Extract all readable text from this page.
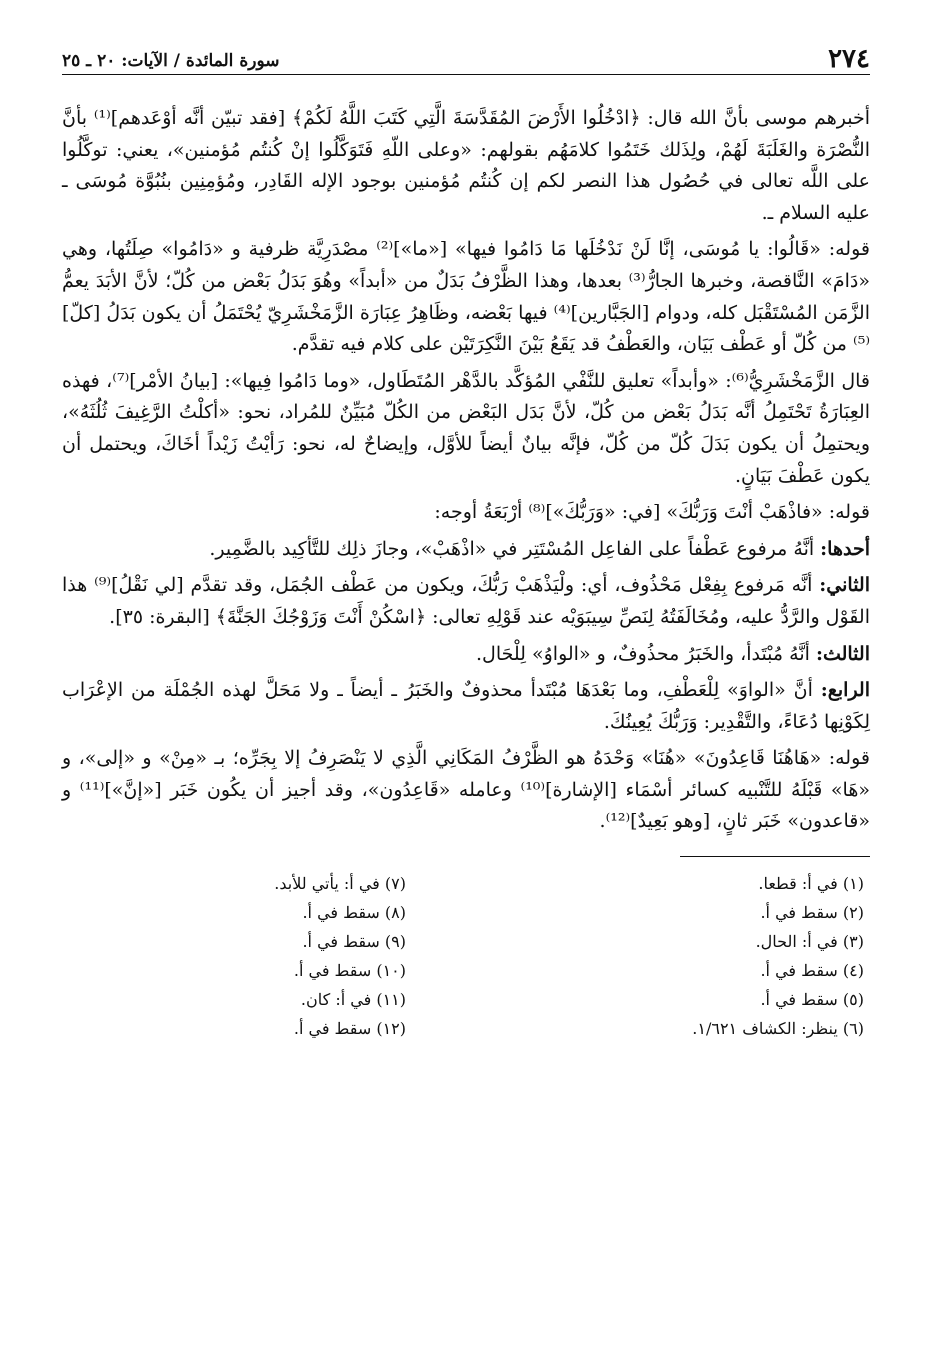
٢٧٤
سورة المائدة / الآيات: ٢٠ ـ ٢٥

أخبرهم موسى بأنَّ الله قال: ﴿ادْخُلُوا الأَرْضَ المُقَدَّسَةَ الَّتِي كَتَبَ اللَّهُ لَكُمْ﴾ [فقد تبيّن أنَّه أوْعَدهم]⁽¹⁾ بأنَّ النُّصْرَة والغَلَبَةَ لَهُمْ، ولِذَلك خَتَمُوا كلامَهُم بقولهم: «وعلى اللّهِ فَتَوَكَّلُوا إنْ كُنتُم مُؤمنين»، يعني: توكَّلُوا على اللَّه تعالى في حُصُول هذا النصر لكم إن كُنتُم مُؤمنين بوجود الإله القَادِر، ومُؤمِنِين بنُبُوَّة مُوسَى ـ عليه السلام ـ.

قوله: «قَالُوا: يا مُوسَى، إنَّا لَنْ نَدْخُلَها مَا دَامُوا فيها» [«ما»]⁽²⁾ مصْدَرِيَّة ظرفية و «دَامُوا» صِلَتُها، وهي «دَامَ» النَّاقصة، وخبرها الجارُّ⁽³⁾ بعدها، وهذا الظَّرْفُ بَدَلٌ من «أبداً» وهُوَ بَدَلُ بَعْض من كُلّ؛ لأنَّ الأبَدَ يعمُّ الزَّمَن المُسْتَقْبَل كله، ودوام [الجَبَّارين]⁽⁴⁾ فيها بَعْضه، وظَاهِرُ عِبَارَة الزَّمَخْشَرِيّ يُحْتَمَلُ أن يكون بَدَلُ [كلّ]⁽⁵⁾ من كُلّ أو عَطْف بَيَان، والعَطْفُ قد يَقَعُ بَيْنَ النَّكِرَتَيْن على كلام فيه تقدَّم.

قال الزَّمَخْشَرِيُّ⁽⁶⁾: «وأبداً» تعليق للنَّفْي المُؤكَّد بالدَّهْر المُتَطَاول، «وما دَامُوا فِيها»: [بيانُ الأمْر]⁽⁷⁾، فهذه العِبَارَةُ تَحْتَمِلُ أنَّه بَدَلُ بَعْض من كُلّ، لأنَّ بَدَل البَعْض من الكُلّ مُبَيِّنٌ للمُراد، نحو: «أكلْتُ الرَّغِيفَ ثُلُثَهُ»، ويحتمِلُ أن يكون بَدَلَ كُلّ من كُلّ، فإنَّه بيانٌ أيضاً للأوَّل، وإيضاحٌ له، نحو: رَأيْتُ زَيْداً أخَاكَ، ويحتمل أن يكون عَطْفَ بَيَانٍ.

قوله: «فاذْهَبْ أنْتَ وَرَبُّكَ» [في: «وَرَبُّكَ»]⁽⁸⁾ أرْبَعَةُ أوجه:

أحدها: أنَّهُ مرفوع عَطْفاً على الفاعِل المُسْتَتِر في «اذْهَبْ»، وجازَ ذلِك للتَّأكِيد بالضَّمِير.

الثاني: أنَّه مَرفوع بِفِعْل مَحْذُوف، أي: ولْيَذْهَبْ رَبُّكَ، ويكون من عَطْف الجُمَل، وقد تقدَّم [لي نَقْلُ]⁽⁹⁾ هذا القَوْل والرَّدُّ عليه، ومُخَالَفَتُهُ لِنَصِّ سِيبَوَيْه عند قَوْلِهِ تعالى: ﴿اسْكُنْ أَنْتَ وَزَوْجُكَ الجَنَّةَ﴾ [البقرة: ٣٥].

الثالث: أنَّهُ مُبْتَدأ، والخَبَرُ محذُوفٌ، و «الواوُ» لِلْحَال.

الرابع: أنَّ «الواوَ» لِلْعَطْفِ، وما بَعْدَهَا مُبْتَدأ محذوفٌ والخَبَرُ ـ أيضاً ـ ولا مَحَلَّ لهذه الجُمْلَة من الإعْرَاب لِكَوْنِها دُعَاءً، والتَّقْدِير: وَرَبُّكَ يُعِينُكَ.

قوله: «هَاهُنَا قَاعِدُونَ» «هُنَا» وَحْدَهُ هو الظَّرْفُ المَكَانِي الَّذِي لا يَنْصَرِفُ إلا بِجَرِّه؛ بـ «مِنْ» و «إلى»، و «هَا» قَبْلَهُ للتَّنْبيه كسائر أسْمَاء [الإشارة]⁽¹⁰⁾ وعامله «قَاعِدُون»، وقد أجيز أن يكُون خَبَر [«إنَّ»]⁽¹¹⁾ و «قاعدون» خَبَر ثانٍ، [وهو بَعِيدٌ]⁽¹²⁾.

(١) في أ: قطعا.
(٧) في أ: يأتي للأبد.
(٢) سقط في أ.
(٨) سقط في أ.
(٣) في أ: الحال.
(٩) سقط في أ.
(٤) سقط في أ.
(١٠) سقط في أ.
(٥) سقط في أ.
(١١) في أ: كان.
(٦) ينظر: الكشاف ١/٦٢١.
(١٢) سقط في أ.
